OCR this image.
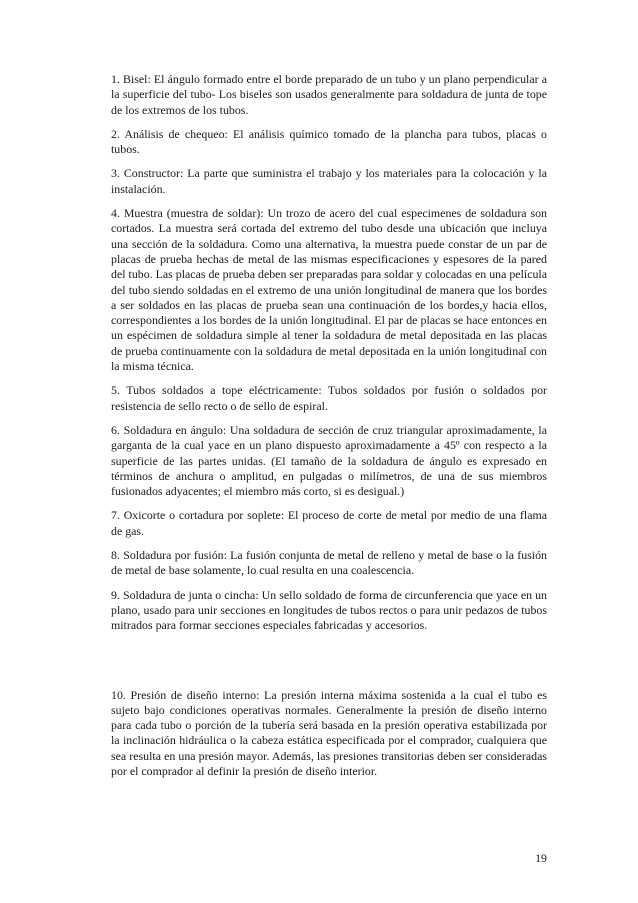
1. Bisel: El ángulo formado entre el borde preparado de un tubo y un plano perpendicular a la superficie del tubo- Los biseles son usados generalmente para soldadura de junta de tope de los extremos de los tubos.

2. Análisis de chequeo: El análisis químico tomado de la plancha para tubos, placas o tubos.

3. Constructor: La parte que suministra el trabajo y los materiales para la colocación y la instalación.

4. Muestra (muestra de soldar): Un trozo de acero del cual especimenes de soldadura son cortados. La muestra será cortada del extremo del tubo desde una ubicación que incluya una sección de la soldadura. Como una alternativa, la muestra puede constar de un par de placas de prueba hechas de metal de las mismas especificaciones y espesores de la pared del tubo. Las placas de prueba deben ser preparadas para soldar y colocadas en una película del tubo siendo soldadas en el extremo de una unión longitudinal de manera que los bordes a ser soldados en las placas de prueba sean una continuación de los bordes,y hacia ellos, correspondientes a los bordes de la unión longitudinal. El par de placas se hace entonces en un espécimen de soldadura simple al tener la soldadura de metal depositada en las placas de prueba continuamente con la soldadura de metal depositada en la unión longitudinal con la misma técnica.

5. Tubos soldados a tope eléctricamente: Tubos soldados por fusión o soldados por resistencia de sello recto o de sello de espiral.

6. Soldadura en ángulo: Una soldadura de sección de cruz triangular aproximadamente, la garganta de la cual yace en un plano dispuesto aproximadamente a 45º con respecto a la superficie de las partes unidas. (El tamaño de la soldadura de ángulo es expresado en términos de anchura o amplitud, en pulgadas o milímetros, de una de sus miembros fusionados adyacentes; el miembro más corto, si es desigual.)

7. Oxicorte o cortadura por soplete: El proceso de corte de metal por medio de una flama de gas.

8. Soldadura por fusión: La fusión conjunta de metal de relleno y metal de base o la fusión de metal de base solamente, lo cual resulta en una coalescencia.

9. Soldadura de junta o cincha: Un sello soldado de forma de circunferencia que yace en un plano, usado para unir secciones en longitudes de tubos rectos o para unir pedazos de tubos mitrados para formar secciones especiales fabricadas y accesorios.

10. Presión de diseño interno: La presión interna máxima sostenida a la cual el tubo es sujeto bajo condiciones operativas normales. Generalmente la presión de diseño interno para cada tubo o porción de la tubería será basada en la presión operativa estabilizada por la inclinación hidráulica o la cabeza estática especificada por el comprador, cualquiera que sea resulta en una presión mayor. Además, las presiones transitorias deben ser consideradas por el comprador al definir la presión de diseño interior.

19
